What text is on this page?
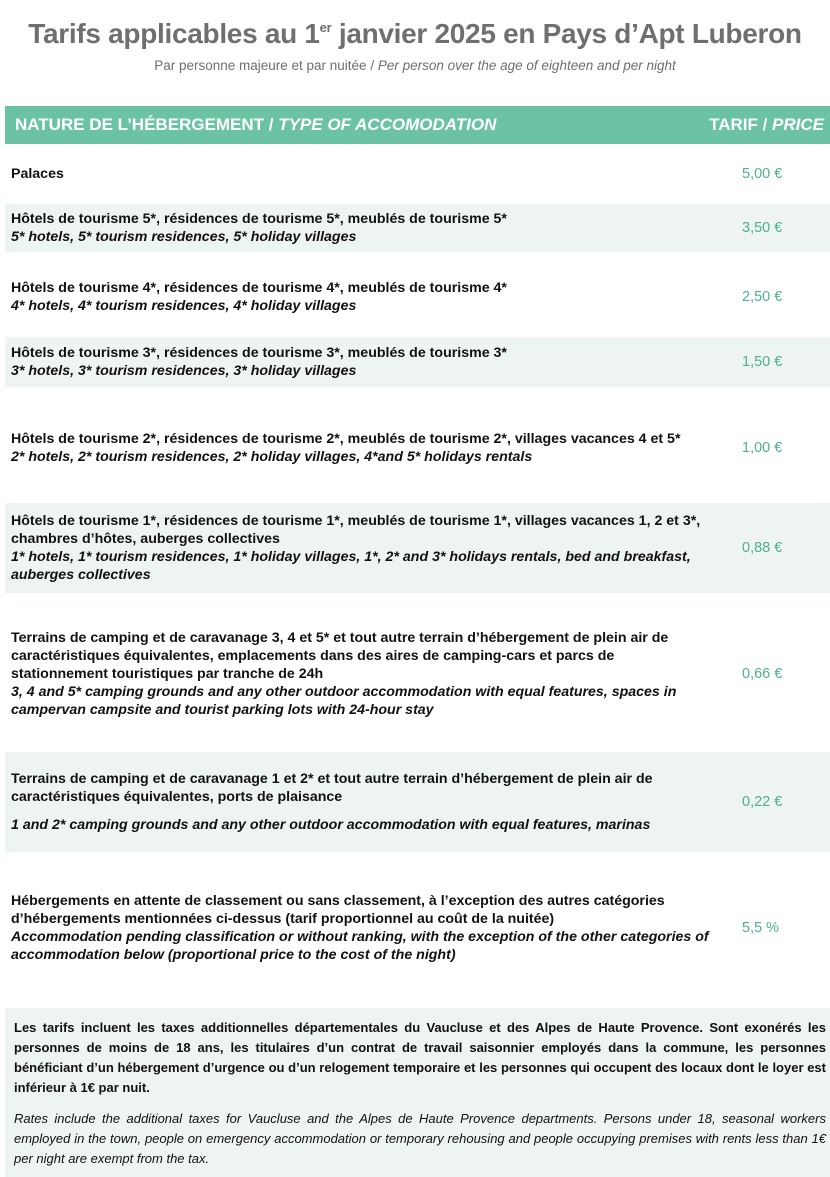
Tarifs applicables au 1er janvier 2025 en Pays d’Apt Luberon
Par personne majeure et par nuitée / Per person over the age of eighteen and per night
NATURE DE L’HÉBERGEMENT / TYPE OF ACCOMODATION	TARIF / PRICE
Palaces	5,00 €
Hôtels de tourisme 5*, résidences de tourisme 5*, meublés de tourisme 5*
5* hotels, 5* tourism residences, 5* holiday villages
3,50 €
Hôtels de tourisme 4*, résidences de tourisme 4*, meublés de tourisme 4*
4* hotels, 4* tourism residences, 4* holiday villages
2,50 €
Hôtels de tourisme 3*, résidences de tourisme 3*, meublés de tourisme 3*
3* hotels, 3* tourism residences, 3* holiday villages
1,50 €
Hôtels de tourisme 2*, résidences de tourisme 2*, meublés de tourisme 2*, villages vacances 4 et 5*
2* hotels, 2* tourism residences, 2* holiday villages, 4*and 5* holidays rentals
1,00 €
Hôtels de tourisme 1*, résidences de tourisme 1*, meublés de tourisme 1*, villages vacances 1, 2 et 3*, chambres d’hôtes, auberges collectives
1* hotels, 1* tourism residences, 1* holiday villages, 1*, 2* and 3* holidays rentals, bed and breakfast, auberges collectives
0,88 €
Terrains de camping et de caravanage 3, 4 et 5* et tout autre terrain d’hébergement de plein air de caractéristiques équivalentes, emplacements dans des aires de camping-cars et parcs de stationnement touristiques par tranche de 24h
3, 4 and 5* camping grounds and any other outdoor accommodation with equal features, spaces in campervan campsite and tourist parking lots with 24-hour stay
0,66 €
Terrains de camping et de caravanage 1 et 2* et tout autre terrain d’hébergement de plein air de caractéristiques équivalentes, ports de plaisance
1 and 2* camping grounds and any other outdoor accommodation with equal features, marinas
0,22 €
Hébergements en attente de classement ou sans classement, à l’exception des autres catégories d’hébergements mentionnées ci-dessus (tarif proportionnel au coût de la nuitée)
Accommodation pending classification or without ranking, with the exception of the other categories of accommodation below (proportional price to the cost of the night)
5,5 %
Les tarifs incluent les taxes additionnelles départementales du Vaucluse et des Alpes de Haute Provence. Sont exonérés les personnes de moins de 18 ans, les titulaires d’un contrat de travail saisonnier employés dans la commune, les personnes bénéficiant d’un hébergement d’urgence ou d’un relogement temporaire et les personnes qui occupent des locaux dont le loyer est inférieur à 1€ par nuit.
Rates include the additional taxes for Vaucluse and the Alpes de Haute Provence departments. Persons under 18, seasonal workers employed in the town, people on emergency accommodation or temporary rehousing and people occupying premises with rents less than 1€ per night are exempt from the tax.
